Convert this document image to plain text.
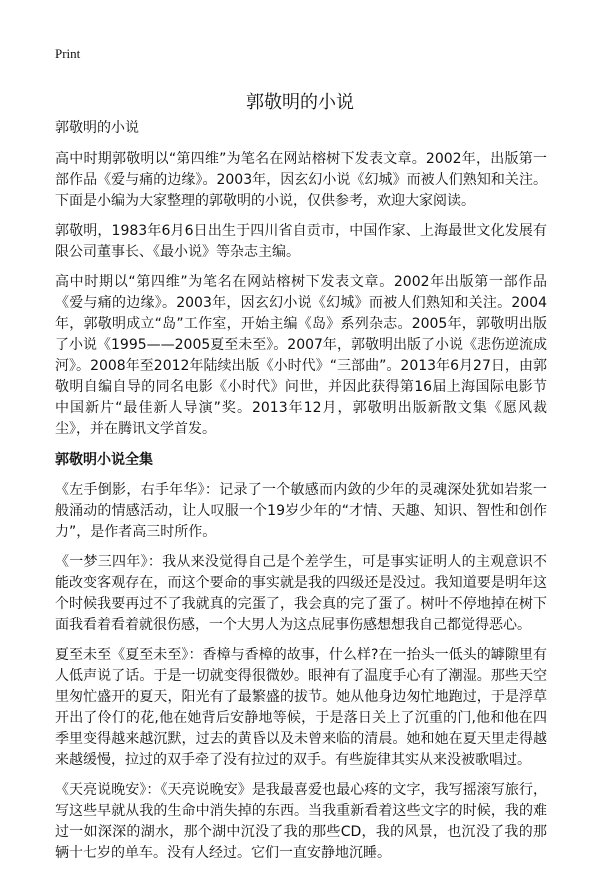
Print
郭敬明的小说

郭敬明的小说

高中时期郭敬明以“第四维”为笔名在网站榕树下发表文章。2002年，出版第一部作品《爱与痛的边缘》。2003年，因玄幻小说《幻城》而被人们熟知和关注。下面是小编为大家整理的郭敬明的小说，仅供参考，欢迎大家阅读。

郭敬明，1983年6月6日出生于四川省自贡市，中国作家、上海最世文化发展有限公司董事长、《最小说》等杂志主编。

高中时期以“第四维”为笔名在网站榕树下发表文章。2002年出版第一部作品《爱与痛的边缘》。2003年，因玄幻小说《幻城》而被人们熟知和关注。2004年，郭敬明成立“岛”工作室，开始主编《岛》系列杂志。2005年，郭敬明出版了小说《1995——2005夏至未至》。2007年，郭敬明出版了小说《悲伤逆流成河》。2008年至2012年陆续出版《小时代》“三部曲”。2013年6月27日，由郭敬明自编自导的同名电影《小时代》问世，并因此获得第16届上海国际电影节中国新片“最佳新人导演”奖。2013年12月，郭敬明出版新散文集《愿风裁尘》，并在腾讯文学首发。

郭敬明小说全集

《左手倒影，右手年华》：记录了一个敏感而内敛的少年的灵魂深处犹如岩浆一般涌动的情感活动，让人叹服一个19岁少年的“才情、天趣、知识、智性和创作力”，是作者高三时所作。

《一梦三四年》：我从来没觉得自己是个差学生，可是事实证明人的主观意识不能改变客观存在，而这个要命的事实就是我的四级还是没过。我知道要是明年这个时候我要再过不了我就真的完蛋了，我会真的完了蛋了。树叶不停地掉在树下面我看着看着就很伤感，一个大男人为这点屁事伤感想想我自己都觉得恶心。

夏至未至《夏至未至》：香樟与香樟的故事，什么样?在一抬头一低头的罅隙里有人低声说了话。于是一切就变得很微妙。眼神有了温度手心有了潮湿。那些天空里匆忙盛开的夏天，阳光有了最繁盛的拔节。她从他身边匆忙地跑过，于是浮草开出了伶仃的花,他在她背后安静地等候，于是落日关上了沉重的门,他和他在四季里变得越来越沉默，过去的黄昏以及未曾来临的清晨。她和她在夏天里走得越来越缓慢，拉过的双手牵了没有拉过的双手。有些旋律其实从来没被歌唱过。

《天亮说晚安》：《天亮说晚安》是我最喜爱也最心疼的文字，我写摇滚写旅行，写这些早就从我的生命中消失掉的东西。当我重新看着这些文字的时候，我的难过一如深深的湖水，那个湖中沉没了我的那些CD，我的风景，也沉没了我的那辆十七岁的单车。没有人经过。它们一直安静地沉睡。
